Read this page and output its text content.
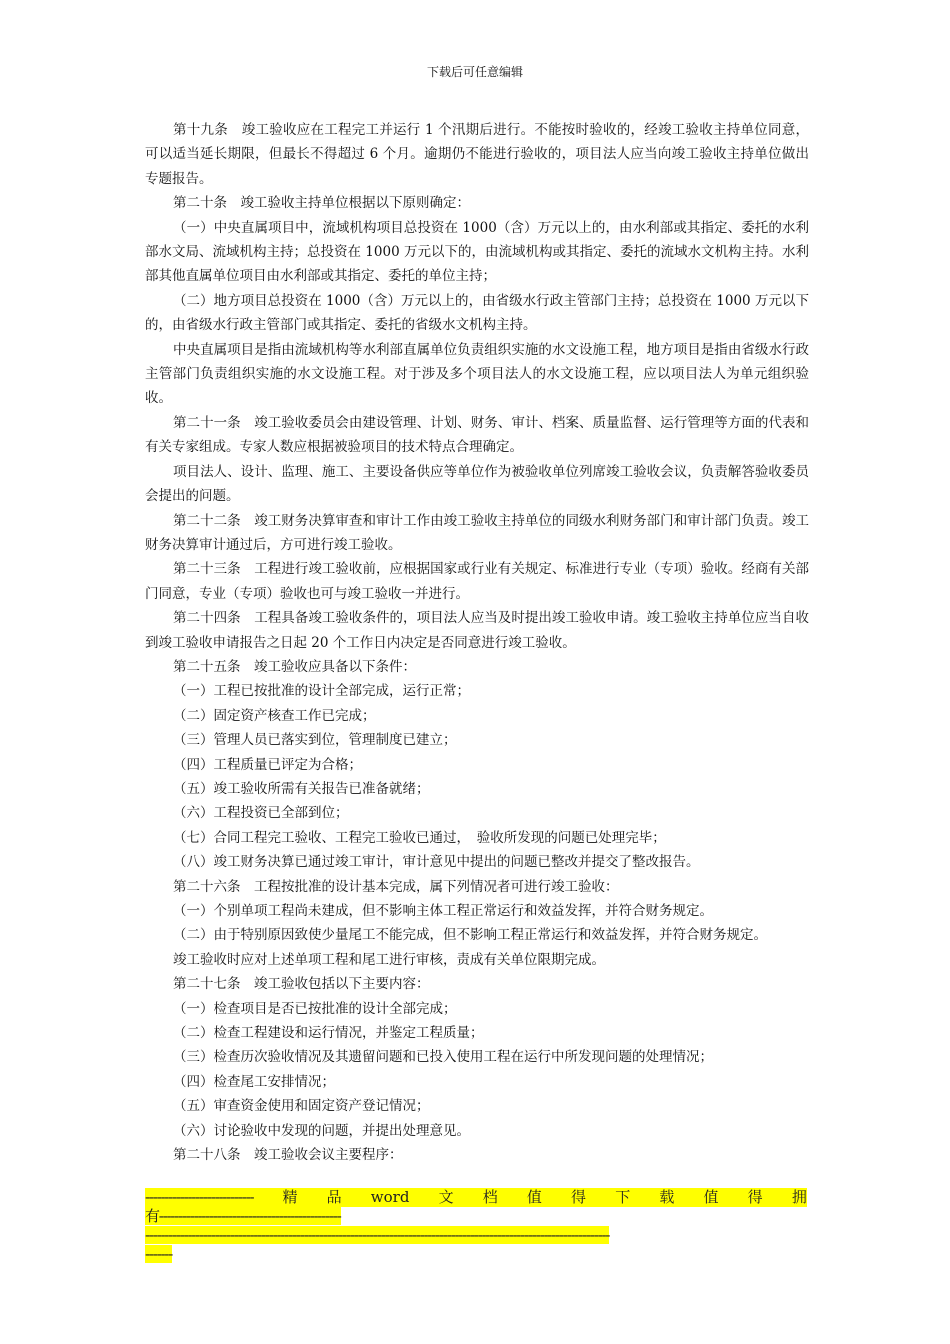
下载后可任意编辑

第十九条　竣工验收应在工程完工并运行 1 个汛期后进行。不能按时验收的，经竣工验收主持单位同意，可以适当延长期限，但最长不得超过 6 个月。逾期仍不能进行验收的，项目法人应当向竣工验收主持单位做出专题报告。

第二十条　竣工验收主持单位根据以下原则确定：

（一）中央直属项目中，流域机构项目总投资在 1000（含）万元以上的，由水利部或其指定、委托的水利部水文局、流域机构主持；总投资在 1000 万元以下的，由流域机构或其指定、委托的流域水文机构主持。水利部其他直属单位项目由水利部或其指定、委托的单位主持；

（二）地方项目总投资在 1000（含）万元以上的，由省级水行政主管部门主持；总投资在 1000 万元以下的，由省级水行政主管部门或其指定、委托的省级水文机构主持。

中央直属项目是指由流域机构等水利部直属单位负责组织实施的水文设施工程，地方项目是指由省级水行政主管部门负责组织实施的水文设施工程。对于涉及多个项目法人的水文设施工程，应以项目法人为单元组织验收。

第二十一条　竣工验收委员会由建设管理、计划、财务、审计、档案、质量监督、运行管理等方面的代表和有关专家组成。专家人数应根据被验项目的技术特点合理确定。

项目法人、设计、监理、施工、主要设备供应等单位作为被验收单位列席竣工验收会议，负责解答验收委员会提出的问题。

第二十二条　竣工财务决算审查和审计工作由竣工验收主持单位的同级水利财务部门和审计部门负责。竣工财务决算审计通过后，方可进行竣工验收。

第二十三条　工程进行竣工验收前，应根据国家或行业有关规定、标准进行专业（专项）验收。经商有关部门同意，专业（专项）验收也可与竣工验收一并进行。

第二十四条　工程具备竣工验收条件的，项目法人应当及时提出竣工验收申请。竣工验收主持单位应当自收到竣工验收申请报告之日起 20 个工作日内决定是否同意进行竣工验收。

第二十五条　竣工验收应具备以下条件：

（一）工程已按批准的设计全部完成，运行正常；

（二）固定资产核查工作已完成；

（三）管理人员已落实到位，管理制度已建立；

（四）工程质量已评定为合格；

（五）竣工验收所需有关报告已准备就绪；

（六）工程投资已全部到位；

（七）合同工程完工验收、工程完工验收已通过，　验收所发现的问题已处理完毕；

（八）竣工财务决算已通过竣工审计，审计意见中提出的问题已整改并提交了整改报告。

第二十六条　工程按批准的设计基本完成，属下列情况者可进行竣工验收：

（一）个别单项工程尚未建成，但不影响主体工程正常运行和效益发挥，并符合财务规定。

（二）由于特别原因致使少量尾工不能完成，但不影响工程正常运行和效益发挥，并符合财务规定。

竣工验收时应对上述单项工程和尾工进行审核，责成有关单位限期完成。

第二十七条　竣工验收包括以下主要内容：

（一）检查项目是否已按批准的设计全部完成；

（二）检查工程建设和运行情况，并鉴定工程质量；

（三）检查历次验收情况及其遗留问题和已投入使用工程在运行中所发现问题的处理情况；

（四）检查尾工安排情况；

（五）审查资金使用和固定资产登记情况；

（六）讨论验收中发现的问题，并提出处理意见。

第二十八条　竣工验收会议主要程序：

---------------------------- 精 品 word 文 档 值 得 下 载 值 得 拥
有-----------------------------------------------
------------------------------------------------------------------------------------------------------------------------
-------
